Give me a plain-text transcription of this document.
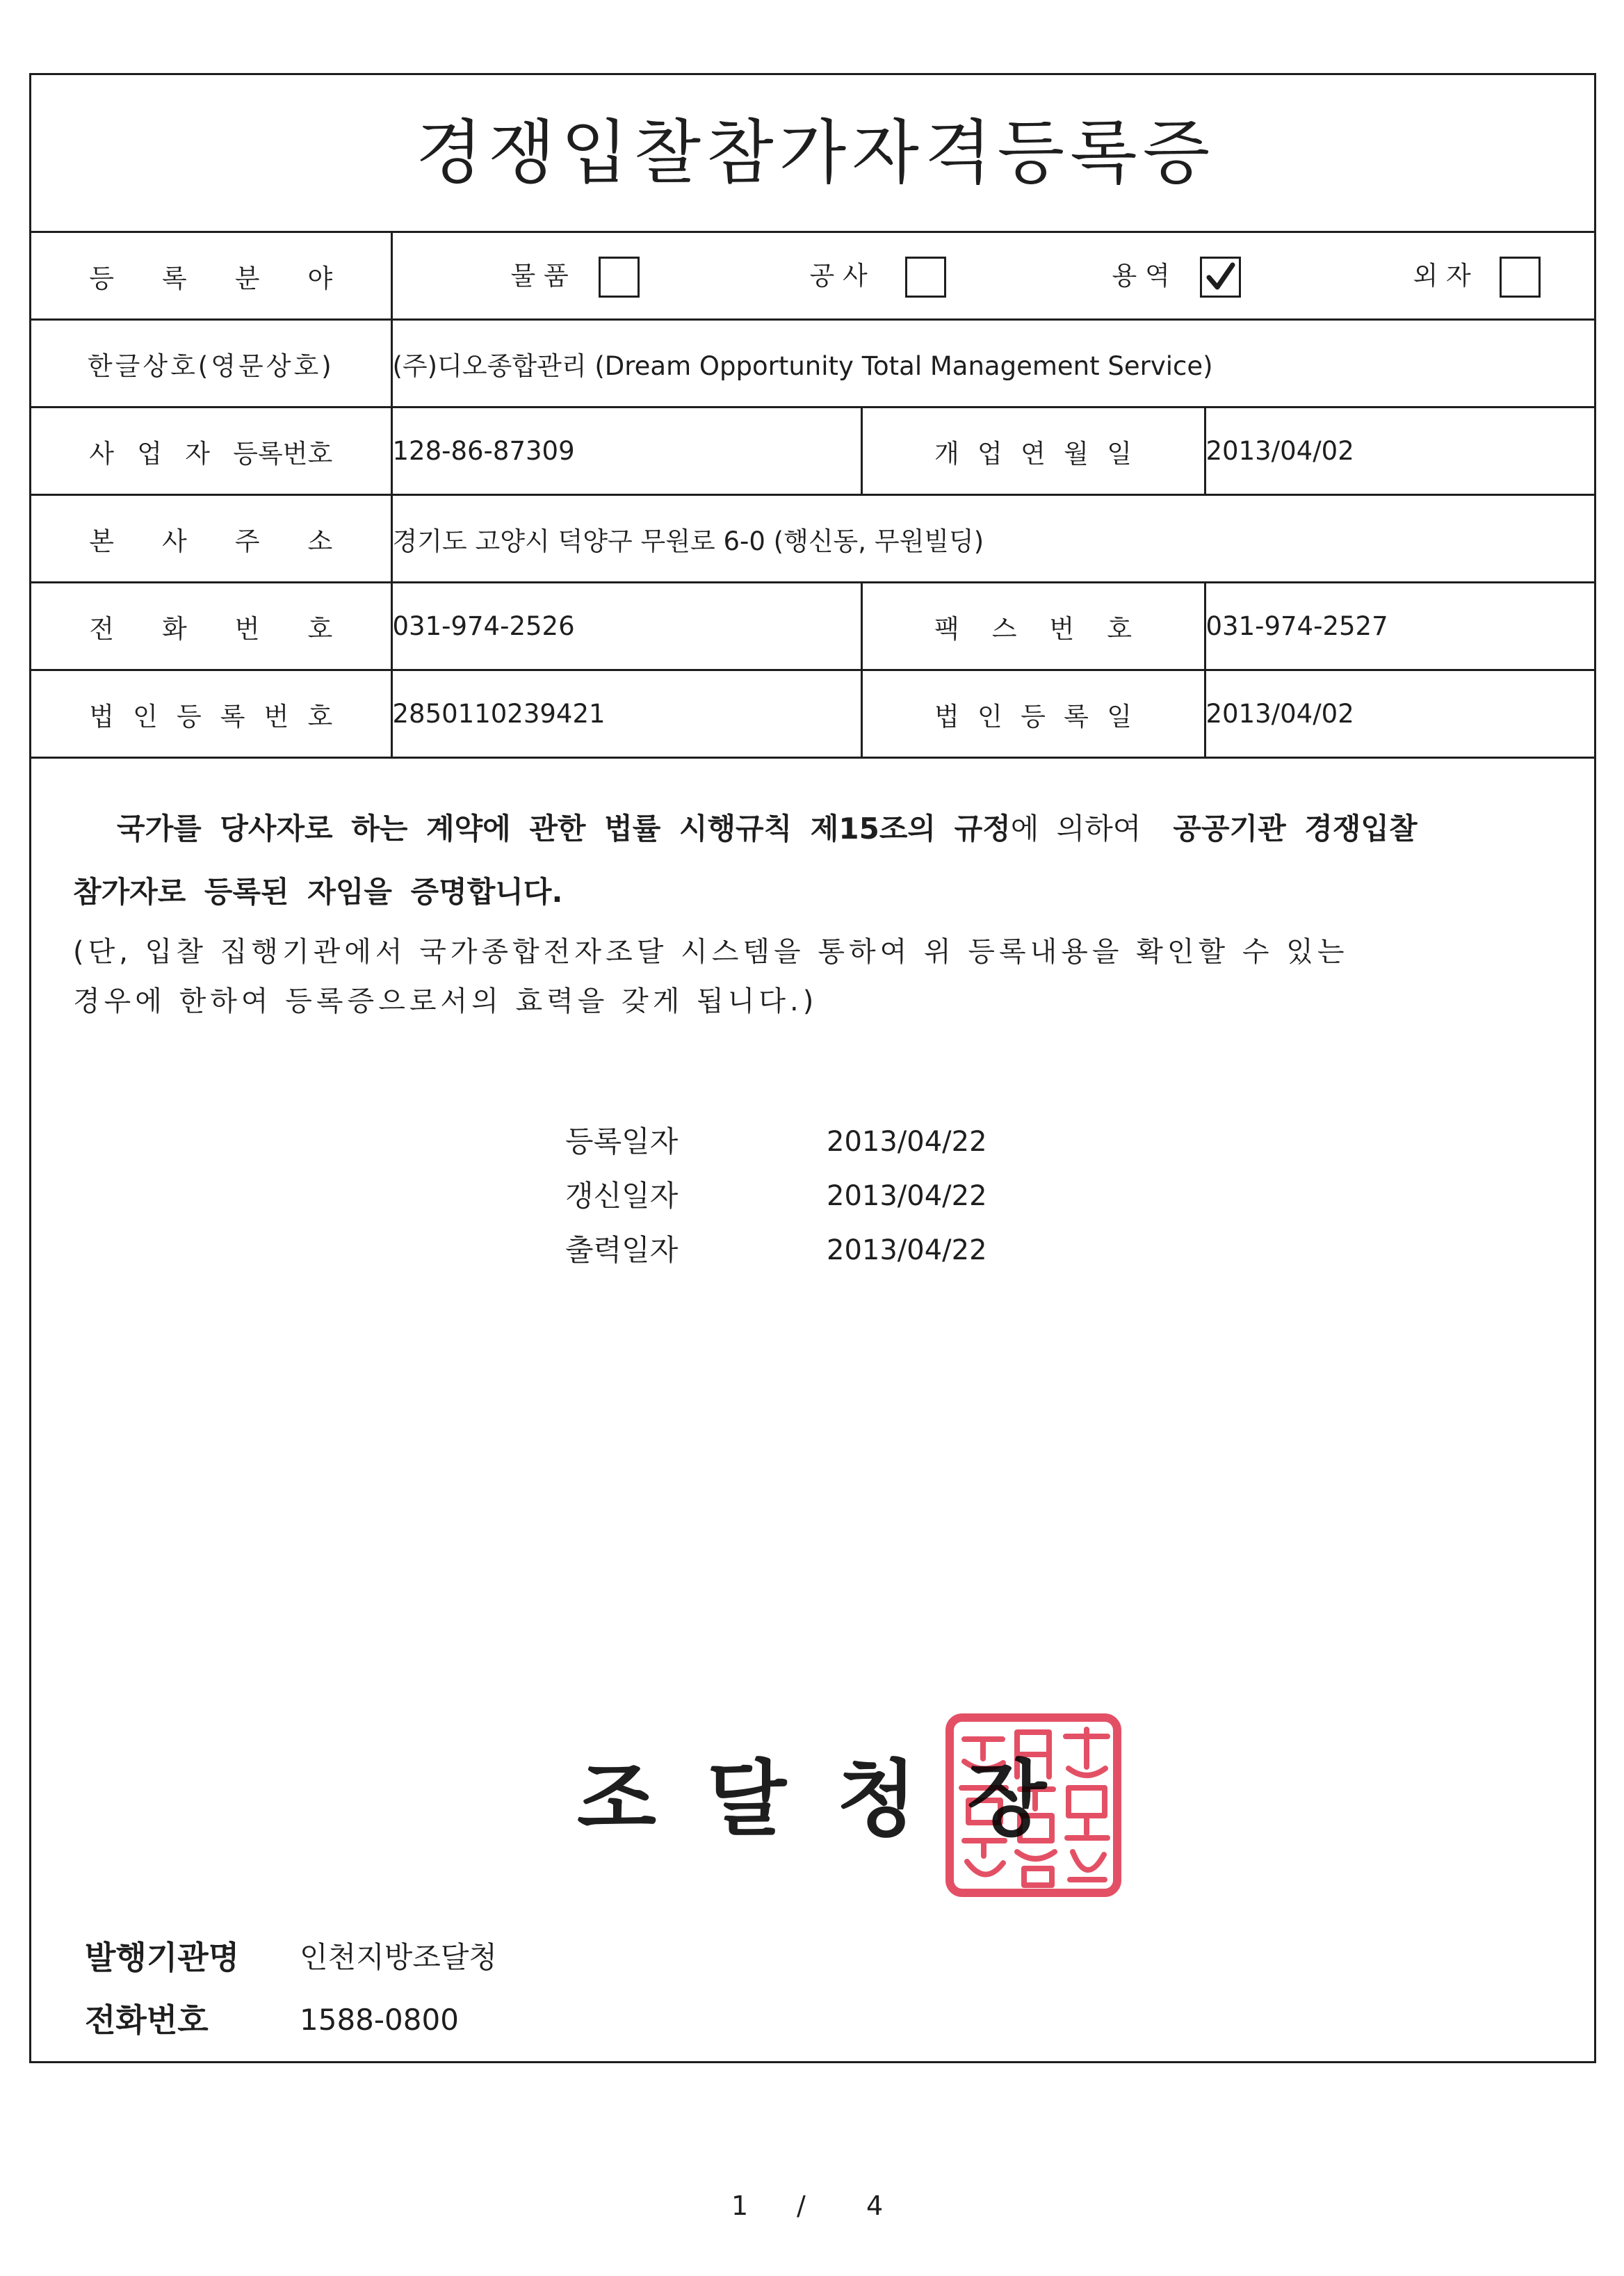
경쟁입찰참가자격등록증
등 록 분 야	물 품 공 사 용 역 외 자		

한글상호(영문상호)	(주)디오종합관리 (Dream Opportunity Total Management Service)		
사 업 자 등록번호	128-86-87309	개 업 연 월 일	2013/04/02
본 사 주 소	경기도 고양시 덕양구 무원로 6-0 (행신동, 무원빌딩)		
전 화 번 호	031-974-2526	팩 스 번 호	031-974-2527
법 인 등 록 번 호	2850110239421	법 인 등 록 일	2013/04/02
국가를 당사자로 하는 계약에 관한 법률 시행규칙 제15조의 규정에 의하여 공공기관 경쟁입찰
참가자로 등록된 자임을 증명합니다.
(단, 입찰 집행기관에서 국가종합전자조달 시스템을 통하여 위 등록내용을 확인할 수 있는
경우에 한하여 등록증으로서의 효력을 갖게 됩니다.)
등록일자	2013/04/22
갱신일자	2013/04/22
출력일자	2013/04/22
조 달 청 장
발행기관명 인천지방조달청
전화번호	1588-0800
1 / 4
